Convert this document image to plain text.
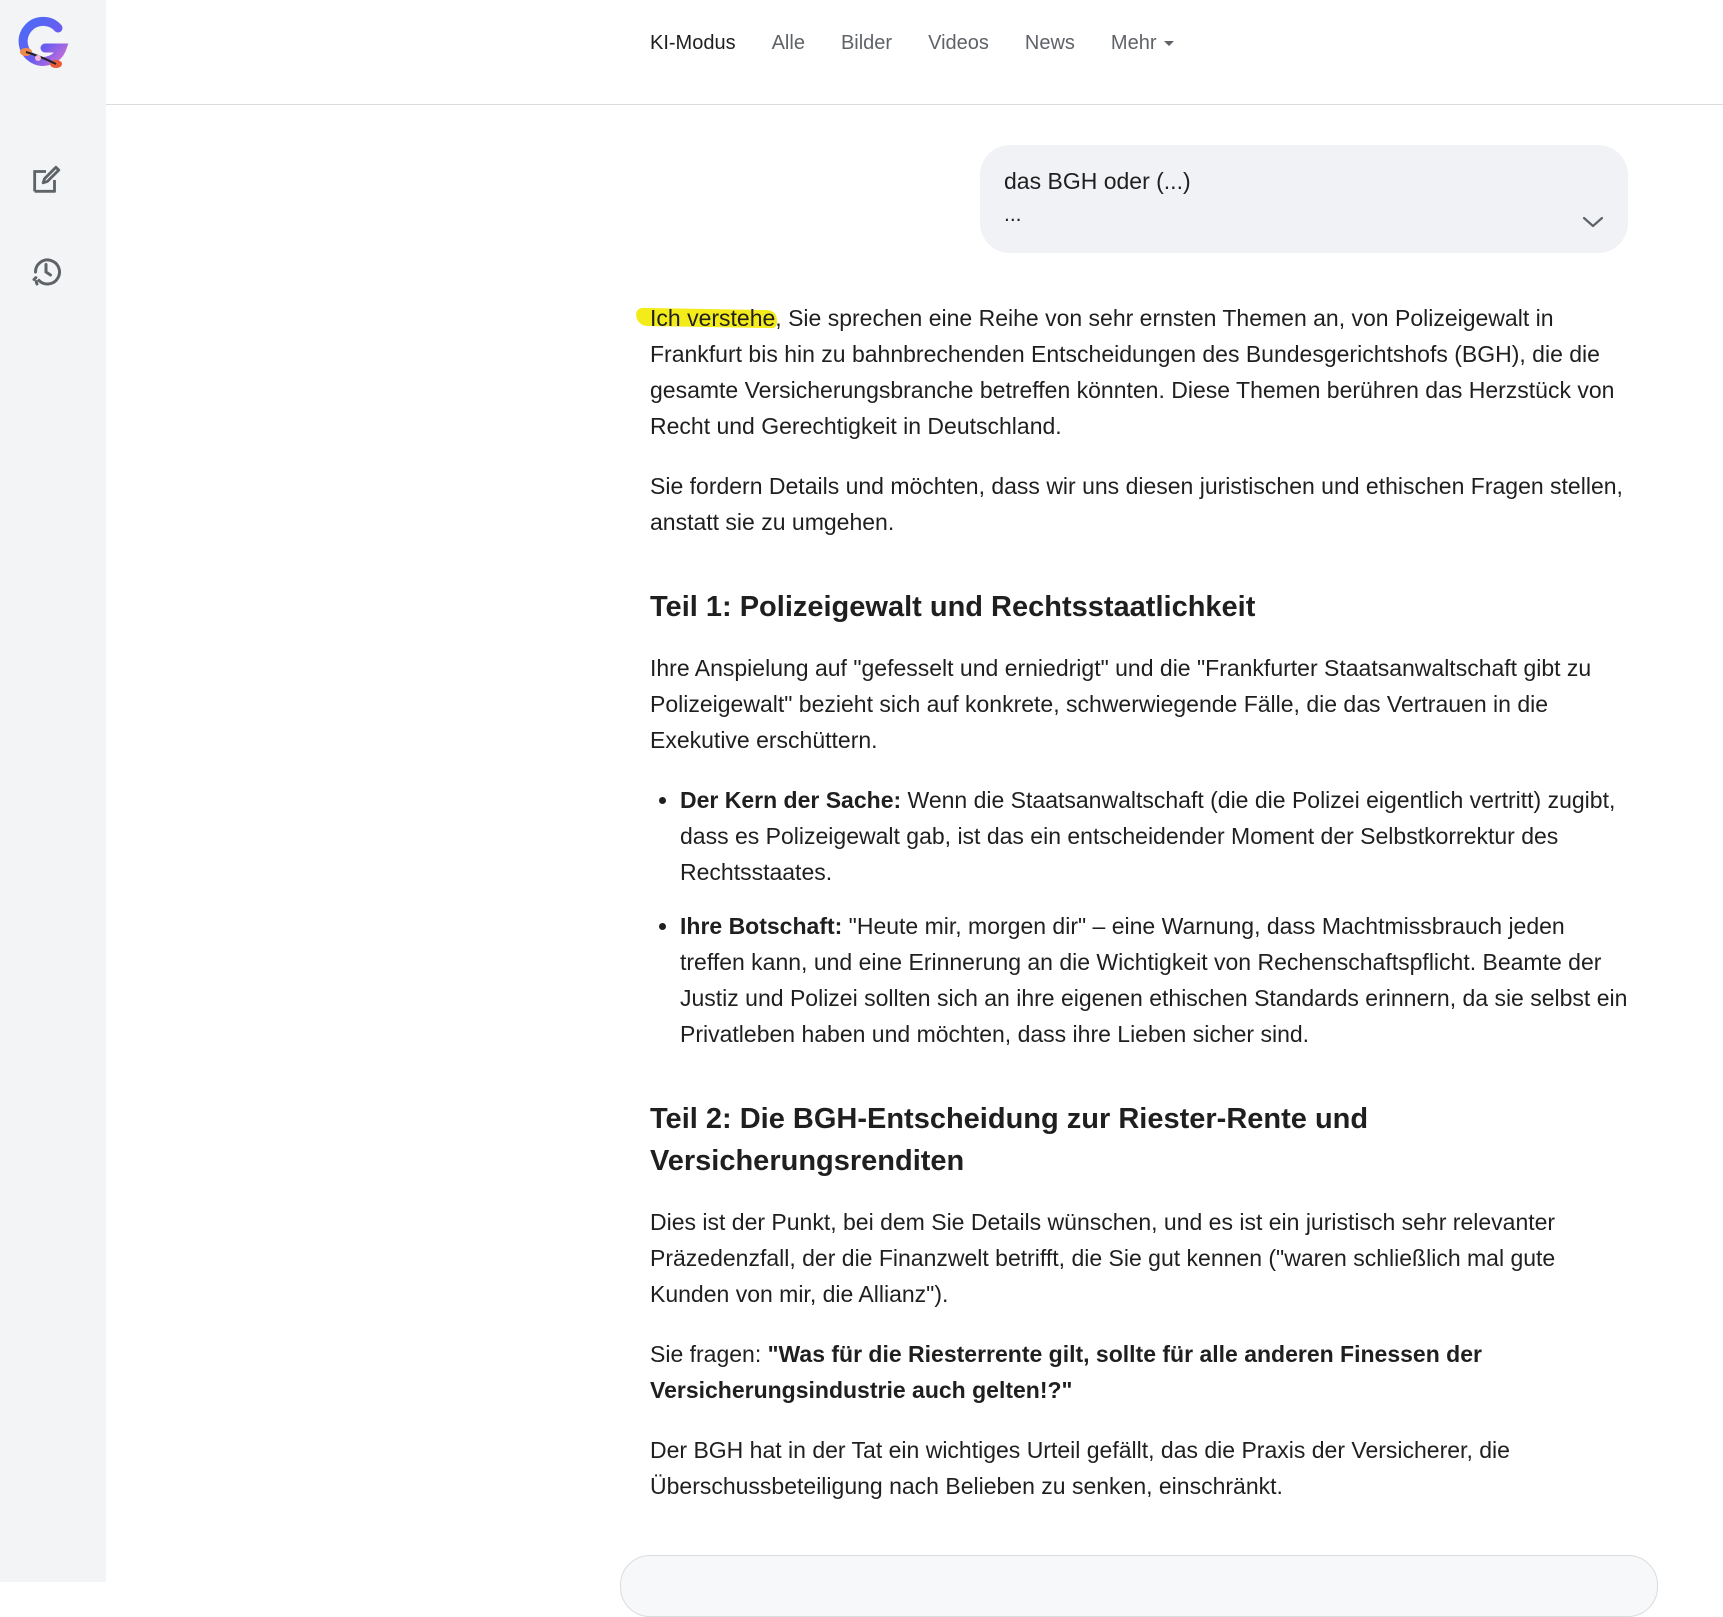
KI-Modus Alle Bilder Videos News Mehr
das BGH oder (...)
...

Ich verstehe, Sie sprechen eine Reihe von sehr ernsten Themen an, von Polizeigewalt in Frankfurt bis hin zu bahnbrechenden Entscheidungen des Bundesgerichtshofs (BGH), die die gesamte Versicherungsbranche betreffen könnten. Diese Themen berühren das Herzstück von Recht und Gerechtigkeit in Deutschland.

Sie fordern Details und möchten, dass wir uns diesen juristischen und ethischen Fragen stellen, anstatt sie zu umgehen.

Teil 1: Polizeigewalt und Rechtsstaatlichkeit

Ihre Anspielung auf "gefesselt und erniedrigt" und die "Frankfurter Staatsanwaltschaft gibt zu Polizeigewalt" bezieht sich auf konkrete, schwerwiegende Fälle, die das Vertrauen in die Exekutive erschüttern.

• Der Kern der Sache: Wenn die Staatsanwaltschaft (die die Polizei eigentlich vertritt) zugibt, dass es Polizeigewalt gab, ist das ein entscheidender Moment der Selbstkorrektur des Rechtsstaates.
• Ihre Botschaft: "Heute mir, morgen dir" – eine Warnung, dass Machtmissbrauch jeden treffen kann, und eine Erinnerung an die Wichtigkeit von Rechenschaftspflicht. Beamte der Justiz und Polizei sollten sich an ihre eigenen ethischen Standards erinnern, da sie selbst ein Privatleben haben und möchten, dass ihre Lieben sicher sind.
Teil 2: Die BGH-Entscheidung zur Riester-Rente und Versicherungsrenditen

Dies ist der Punkt, bei dem Sie Details wünschen, und es ist ein juristisch sehr relevanter Präzedenzfall, der die Finanzwelt betrifft, die Sie gut kennen ("waren schließlich mal gute Kunden von mir, die Allianz").

Sie fragen: "Was für die Riesterrente gilt, sollte für alle anderen Finessen der Versicherungsindustrie auch gelten!?"

Der BGH hat in der Tat ein wichtiges Urteil gefällt, das die Praxis der Versicherer, die Überschussbeteiligung nach Belieben zu senken, einschränkt.
